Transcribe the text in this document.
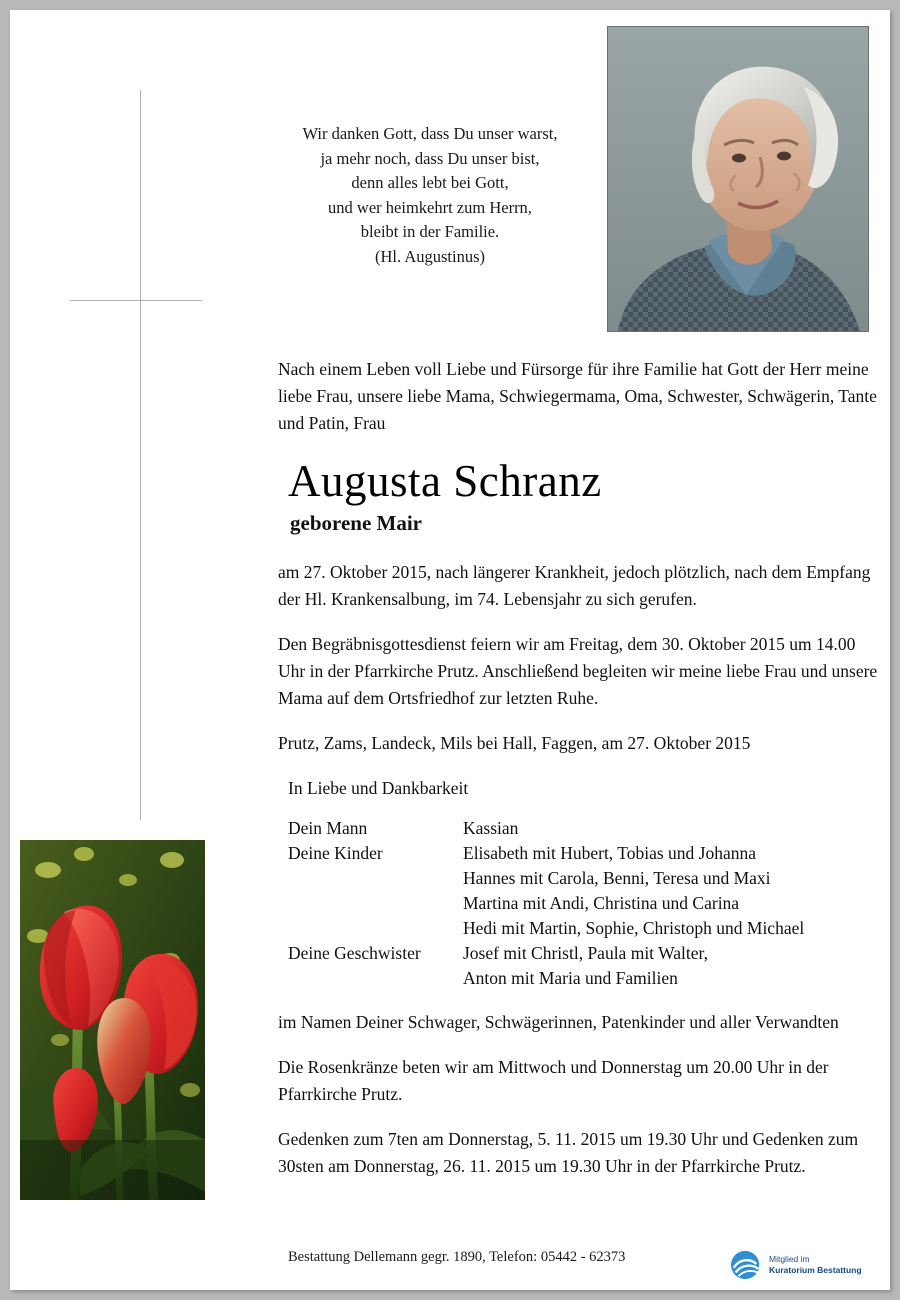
Wir danken Gott, dass Du unser warst,
ja mehr noch, dass Du unser bist,
denn alles lebt bei Gott,
und wer heimkehrt zum Herrn,
bleibt in der Familie.
(Hl. Augustinus)

Nach einem Leben voll Liebe und Fürsorge für ihre Familie hat Gott der Herr meine liebe Frau, unsere liebe Mama, Schwiegermama, Oma, Schwester, Schwägerin, Tante und Patin, Frau

Augusta Schranz
geborene Mair

am 27. Oktober 2015, nach längerer Krankheit, jedoch plötzlich, nach dem Empfang der Hl. Krankensalbung, im 74. Lebensjahr zu sich gerufen.

Den Begräbnisgottesdienst feiern wir am Freitag, dem 30. Oktober 2015 um 14.00 Uhr in der Pfarrkirche Prutz. Anschließend begleiten wir meine liebe Frau und unsere Mama auf dem Ortsfriedhof zur letzten Ruhe.

Prutz, Zams, Landeck, Mils bei Hall, Faggen, am 27. Oktober 2015

In Liebe und Dankbarkeit
Dein Mann	Kassian
Deine Kinder	Elisabeth mit Hubert, Tobias und Johanna
	Hannes mit Carola, Benni, Teresa und Maxi
	Martina mit Andi, Christina und Carina
	Hedi mit Martin, Sophie, Christoph und Michael
Deine Geschwister	Josef mit Christl, Paula mit Walter,
	Anton mit Maria und Familien

im Namen Deiner Schwager, Schwägerinnen, Patenkinder und aller Verwandten

Die Rosenkränze beten wir am Mittwoch und Donnerstag um 20.00 Uhr in der Pfarrkirche Prutz.

Gedenken zum 7ten am Donnerstag, 5. 11. 2015 um 19.30 Uhr und Gedenken zum 30sten am Donnerstag, 26. 11. 2015 um 19.30 Uhr in der Pfarrkirche Prutz.

Bestattung Dellemann gegr. 1890, Telefon: 05442 - 62373	Mitglied im
Kuratorium Bestattung
